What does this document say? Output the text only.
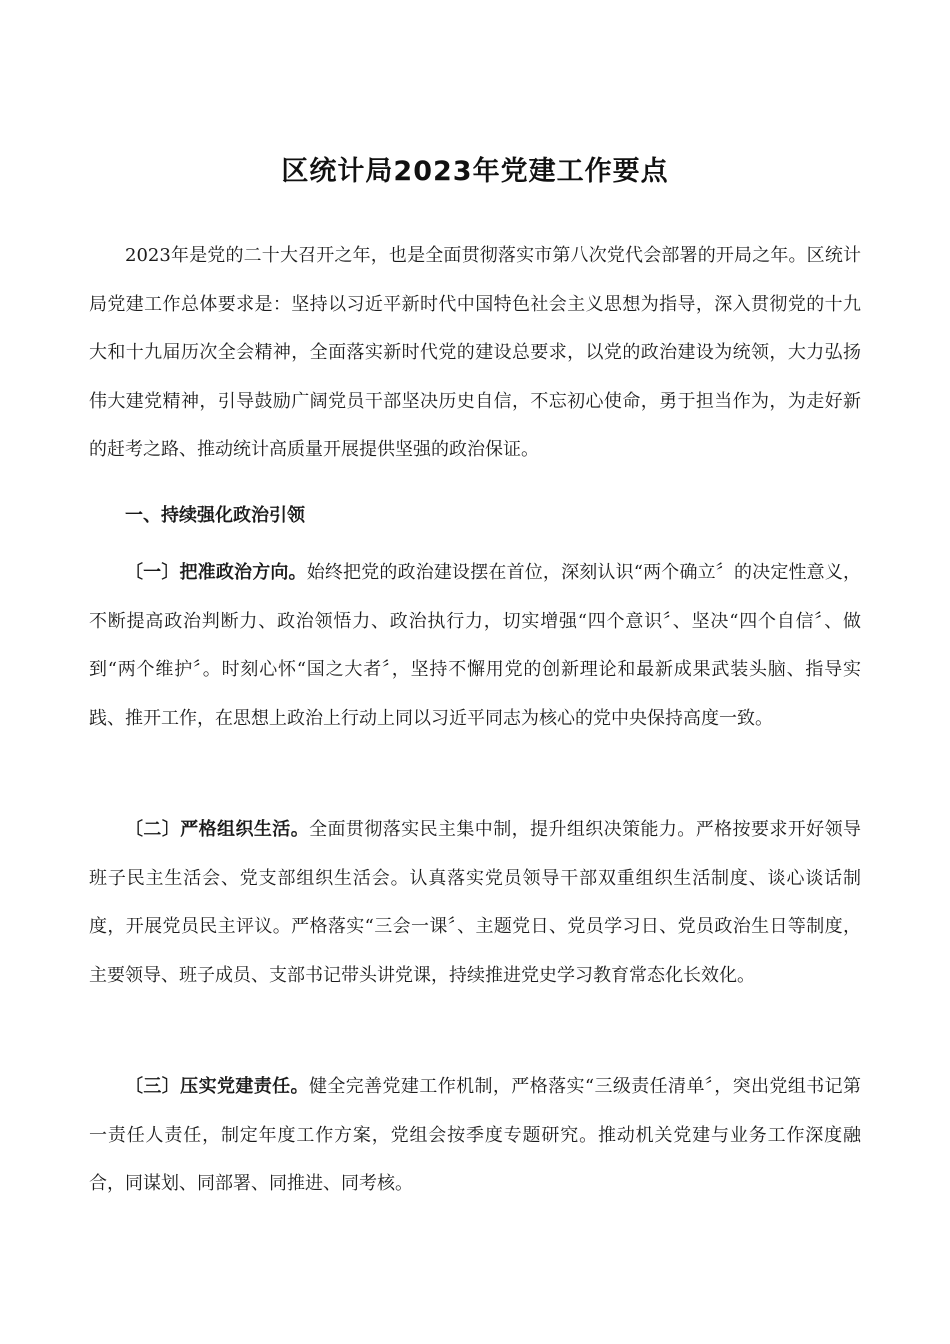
区统计局2023年党建工作要点

2023年是党的二十大召开之年，也是全面贯彻落实市第八次党代会部署的开局之年。区统计局党建工作总体要求是：坚持以习近平新时代中国特色社会主义思想为指导，深入贯彻党的十九大和十九届历次全会精神，全面落实新时代党的建设总要求，以党的政治建设为统领，大力弘扬伟大建党精神，引导鼓励广阔党员干部坚决历史自信，不忘初心使命，勇于担当作为，为走好新的赶考之路、推动统计高质量开展提供坚强的政治保证。

一、持续强化政治引领

〔一〕把准政治方向。始终把党的政治建设摆在首位，深刻认识“两个确立〞的决定性意义，不断提高政治判断力、政治领悟力、政治执行力，切实增强“四个意识〞、坚决“四个自信〞、做到“两个维护〞。时刻心怀“国之大者〞，坚持不懈用党的创新理论和最新成果武装头脑、指导实践、推开工作，在思想上政治上行动上同以习近平同志为核心的党中央保持高度一致。

〔二〕严格组织生活。全面贯彻落实民主集中制，提升组织决策能力。严格按要求开好领导班子民主生活会、党支部组织生活会。认真落实党员领导干部双重组织生活制度、谈心谈话制度，开展党员民主评议。严格落实“三会一课〞、主题党日、党员学习日、党员政治生日等制度，主要领导、班子成员、支部书记带头讲党课，持续推进党史学习教育常态化长效化。

〔三〕压实党建责任。健全完善党建工作机制，严格落实“三级责任清单〞，突出党组书记第一责任人责任，制定年度工作方案，党组会按季度专题研究。推动机关党建与业务工作深度融合，同谋划、同部署、同推进、同考核。
